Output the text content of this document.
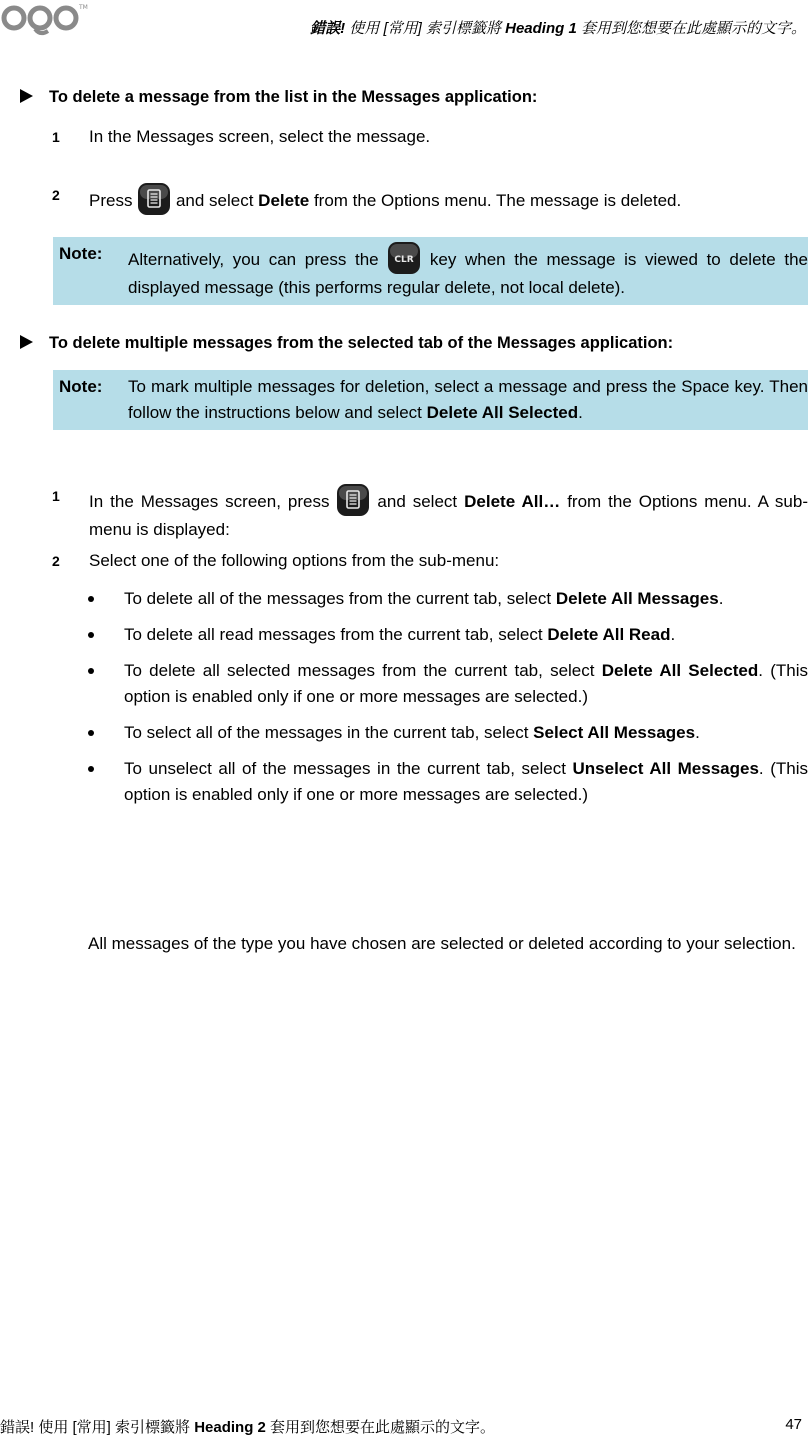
TM
錯誤! 使用 [常用] 索引標籤將 Heading 1 套用到您想要在此處顯示的文字。
To delete a message from the list in the Messages application:
1 In the Messages screen, select the message.
2 Press	and select Delete from the Options menu. The message is deleted.
Note: Alternatively, you can press the CLR key when the message is viewed to delete the displayed message (this performs regular delete, not local delete).
To delete multiple messages from the selected tab of the Messages application:
Note: To mark multiple messages for deletion, select a message and press the Space key. Then follow the instructions below and select Delete All Selected.
1 In the Messages screen, press	and select Delete All… from the Options menu. A sub-menu is displayed:
2 Select one of the following options from the sub-menu:
To delete all of the messages from the current tab, select Delete All Messages.
To delete all read messages from the current tab, select Delete All Read.
To delete all selected messages from the current tab, select Delete All Selected. (This option is enabled only if one or more messages are selected.)
To select all of the messages in the current tab, select Select All Messages.
To unselect all of the messages in the current tab, select Unselect All Messages. (This option is enabled only if one or more messages are selected.)
All messages of the type you have chosen are selected or deleted according to your selection.
錯誤! 使用 [常用] 索引標籤將 Heading 2 套用到您想要在此處顯示的文字。	47
